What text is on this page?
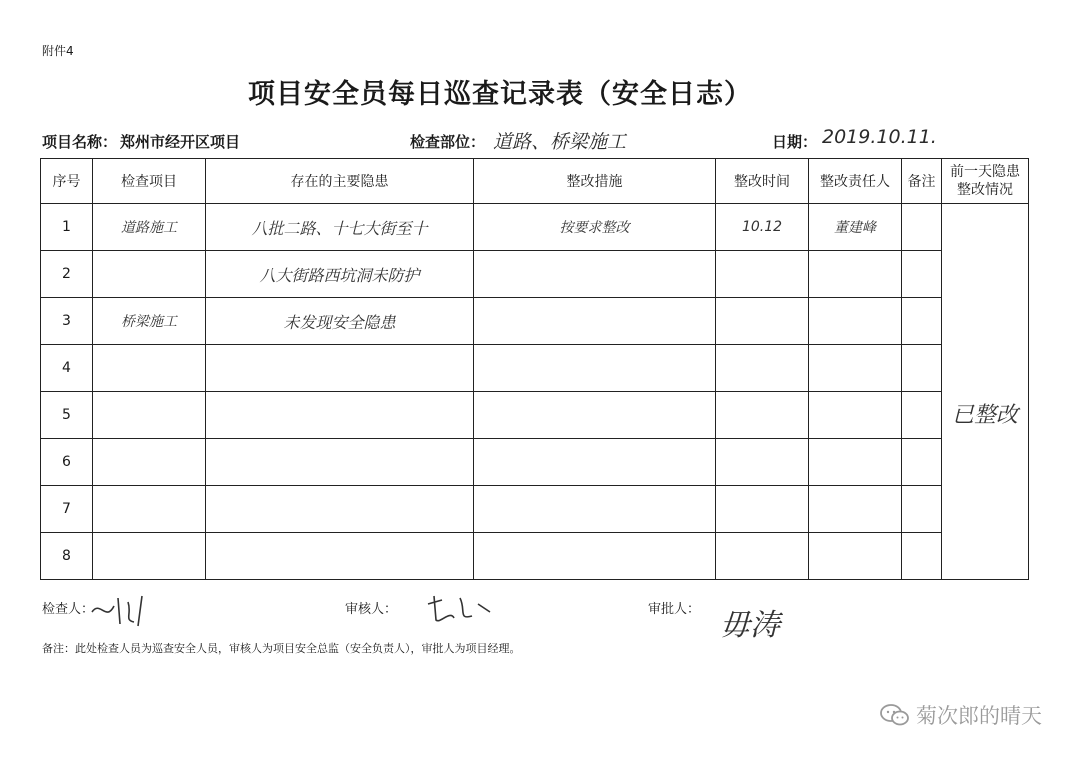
附件4
项目安全员每日巡查记录表（安全日志）
项目名称： 郑州市经开区项目	检查部位： 道路、桥梁施工	日期： 2019.10.11.
序号	检查项目	存在的主要隐患	整改措施	整改时间	整改责任人	备注	前一天隐患
整改情况

1	道路施工	八批二路、十七大街至十	按要求整改	10.12	董建峰		已整改

2		八大街路西坑洞未防护					
3	桥梁施工	未发现安全隐患					
4							
5							
6							
7							
8							
检查人：	审核人：	审批人： 毋涛
备注：此处检查人员为巡查安全人员，审核人为项目安全总监（安全负责人），审批人为项目经理。
菊次郎的晴天
